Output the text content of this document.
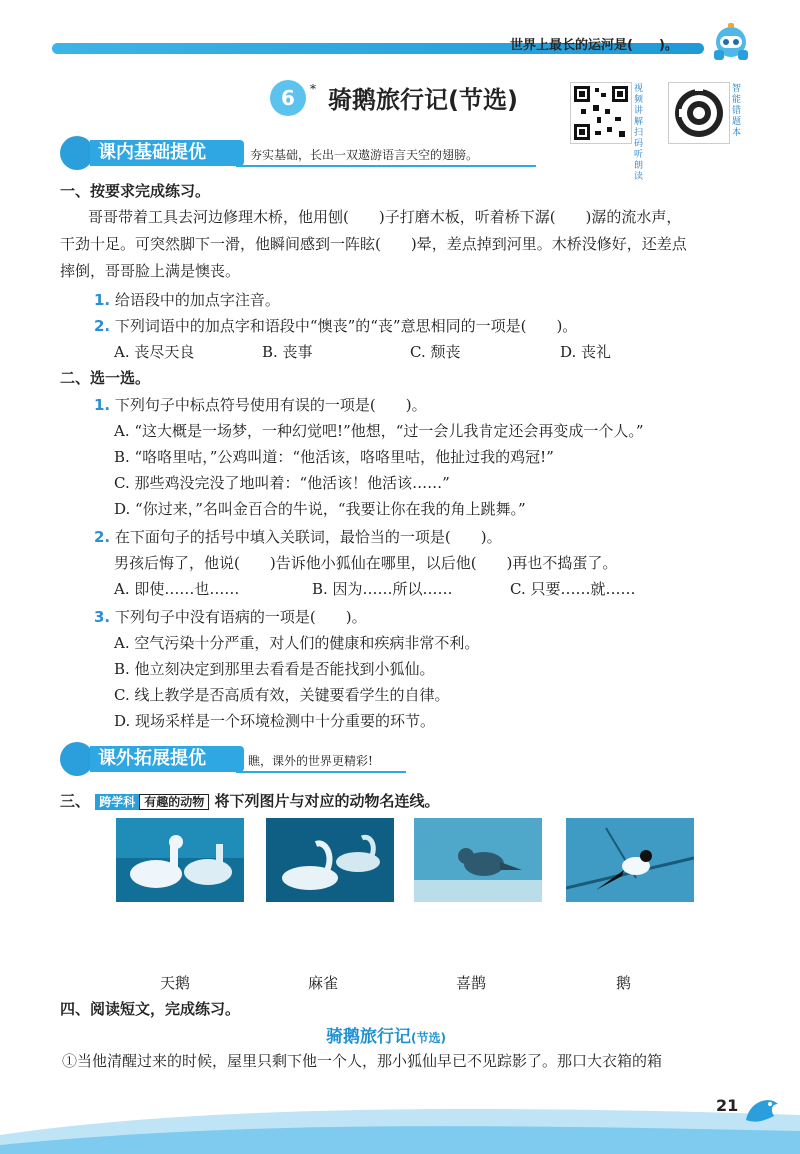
世界上最长的运河是(　　)。
6	* 骑鹅旅行记(节选)	视频讲解 扫码听朗读
智能错题本
课内基础提优	夯实基础，长出一双遨游语言天空的翅膀。
一、按要求完成练习。
哥哥带着工具去河边修理木桥，他用刨(　　)子打磨木板，听着桥下潺(　　)潺的流水声，
干劲十足。可突然脚下一滑，他瞬间感到一阵眩(　　)晕，差点掉到河里。木桥没修好，还差点
摔倒，哥哥脸上满是懊丧。
1. 给语段中的加点字注音。
2. 下列词语中的加点字和语段中“懊丧”的“丧”意思相同的一项是(　　)。
A. 丧尽天良	B. 丧事	C. 颓丧	D. 丧礼
二、选一选。
1. 下列句子中标点符号使用有误的一项是(　　)。
A. “这大概是一场梦，一种幻觉吧!”他想，“过一会儿我肯定还会再变成一个人。”
B. “咯咯里咕，”公鸡叫道：“他活该，咯咯里咕，他扯过我的鸡冠!”
C. 那些鸡没完没了地叫着：“他活该！他活该……”
D. “你过来，”名叫金百合的牛说，“我要让你在我的角上跳舞。”
2. 在下面句子的括号中填入关联词，最恰当的一项是(　　)。
男孩后悔了，他说(　　)告诉他小狐仙在哪里，以后他(　　)再也不捣蛋了。
A. 即使……也……	B. 因为……所以……	C. 只要……就……
3. 下列句子中没有语病的一项是(　　)。
A. 空气污染十分严重，对人们的健康和疾病非常不利。
B. 他立刻决定到那里去看看是否能找到小狐仙。
C. 线上教学是否高质有效，关键要看学生的自律。
D. 现场采样是一个环境检测中十分重要的环节。
课外拓展提优	瞧，课外的世界更精彩!
三、 跨学科 有趣的动物 将下列图片与对应的动物名连线。
天鹅	麻雀	喜鹊	鹅
四、阅读短文，完成练习。
骑鹅旅行记(节选)
①当他清醒过来的时候，屋里只剩下他一个人，那小狐仙早已不见踪影了。那口大衣箱的箱
21
